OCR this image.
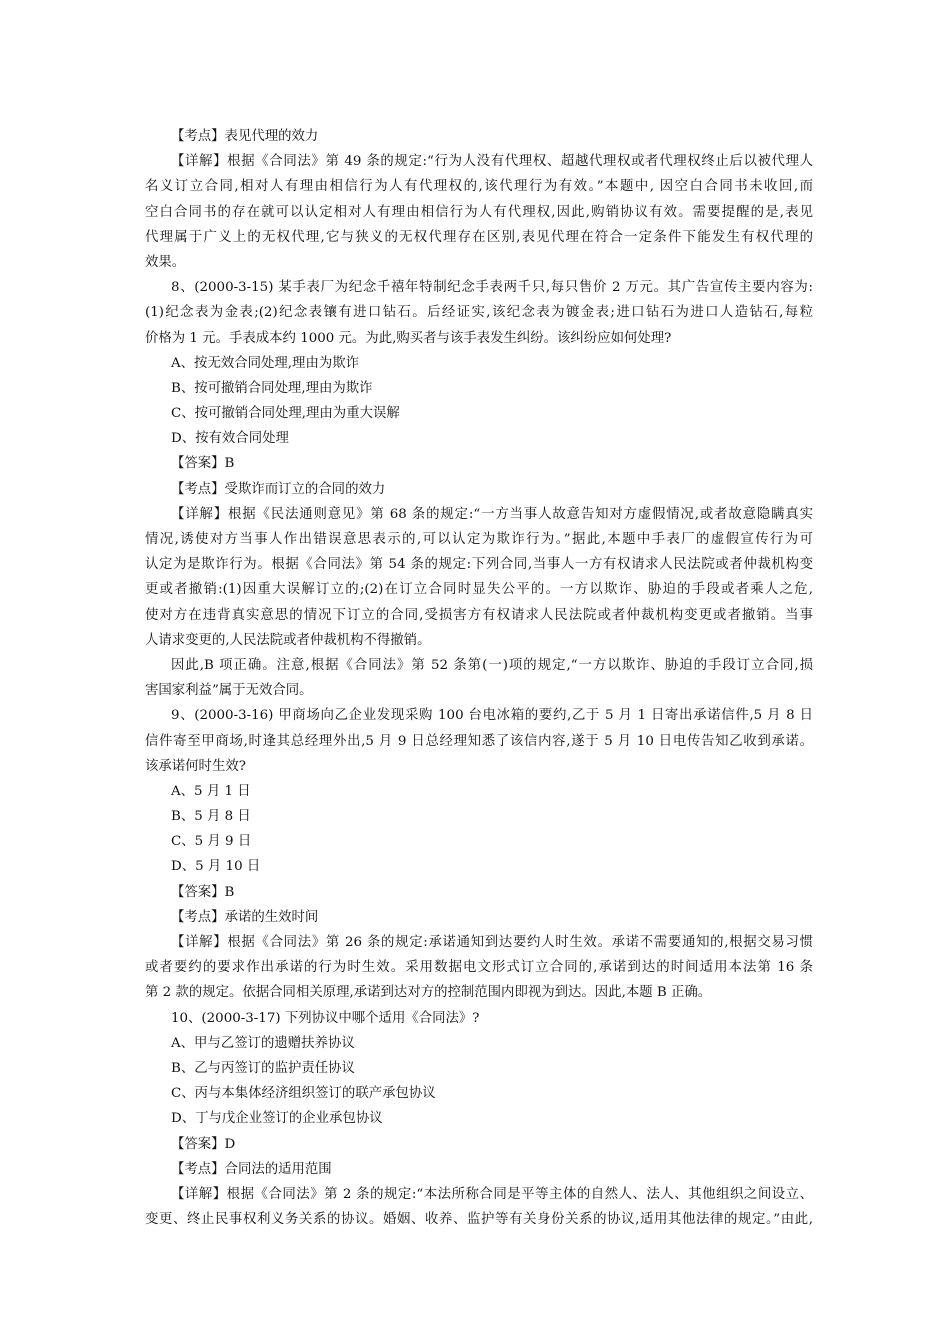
【考点】表见代理的效力
【详解】根据《合同法》第 49 条的规定:“行为人没有代理权、超越代理权或者代理权终止后以被代理人
名义订立合同,相对人有理由相信行为人有代理权的,该代理行为有效。”本题中, 因空白合同书未收回,而
空白合同书的存在就可以认定相对人有理由相信行为人有代理权,因此,购销协议有效。需要提醒的是,表见
代理属于广义上的无权代理,它与狭义的无权代理存在区别,表见代理在符合一定条件下能发生有权代理的
效果。
8、(2000-3-15) 某手表厂为纪念千禧年特制纪念手表两千只,每只售价 2 万元。其广告宣传主要内容为:
(1)纪念表为金表;(2)纪念表镶有进口钻石。后经证实,该纪念表为镀金表;进口钻石为进口人造钻石,每粒
价格为 1 元。手表成本约 1000 元。为此,购买者与该手表发生纠纷。该纠纷应如何处理?
A、按无效合同处理,理由为欺诈
B、按可撤销合同处理,理由为欺诈
C、按可撤销合同处理,理由为重大误解
D、按有效合同处理
【答案】B
【考点】受欺诈而订立的合同的效力
【详解】根据《民法通则意见》第 68 条的规定:“一方当事人故意告知对方虚假情况,或者故意隐瞒真实
情况,诱使对方当事人作出错误意思表示的,可以认定为欺诈行为。”据此,本题中手表厂的虚假宣传行为可
认定为是欺诈行为。根据《合同法》第 54 条的规定:下列合同,当事人一方有权请求人民法院或者仲裁机构变
更或者撤销:(1)因重大误解订立的;(2)在订立合同时显失公平的。一方以欺诈、胁迫的手段或者乘人之危,
使对方在违背真实意思的情况下订立的合同,受损害方有权请求人民法院或者仲裁机构变更或者撤销。当事
人请求变更的,人民法院或者仲裁机构不得撤销。
因此,B 项正确。注意,根据《合同法》第 52 条第(一)项的规定,“一方以欺诈、胁迫的手段订立合同,损
害国家利益”属于无效合同。
9、(2000-3-16) 甲商场向乙企业发现采购 100 台电冰箱的要约,乙于 5 月 1 日寄出承诺信件,5 月 8 日
信件寄至甲商场,时逢其总经理外出,5 月 9 日总经理知悉了该信内容,遂于 5 月 10 日电传告知乙收到承诺。
该承诺何时生效?
A、5 月 1 日
B、5 月 8 日
C、5 月 9 日
D、5 月 10 日
【答案】B
【考点】承诺的生效时间
【详解】根据《合同法》第 26 条的规定:承诺通知到达要约人时生效。承诺不需要通知的,根据交易习惯
或者要约的要求作出承诺的行为时生效。采用数据电文形式订立合同的,承诺到达的时间适用本法第 16 条
第 2 款的规定。依据合同相关原理,承诺到达对方的控制范围内即视为到达。因此,本题 B 正确。
10、(2000-3-17) 下列协议中哪个适用《合同法》?
A、甲与乙签订的遗赠扶养协议
B、乙与丙签订的监护责任协议
C、丙与本集体经济组织签订的联产承包协议
D、丁与戊企业签订的企业承包协议
【答案】D
【考点】合同法的适用范围
【详解】根据《合同法》第 2 条的规定:“本法所称合同是平等主体的自然人、法人、其他组织之间设立、
变更、终止民事权利义务关系的协议。婚姻、收养、监护等有关身份关系的协议,适用其他法律的规定。”由此,
